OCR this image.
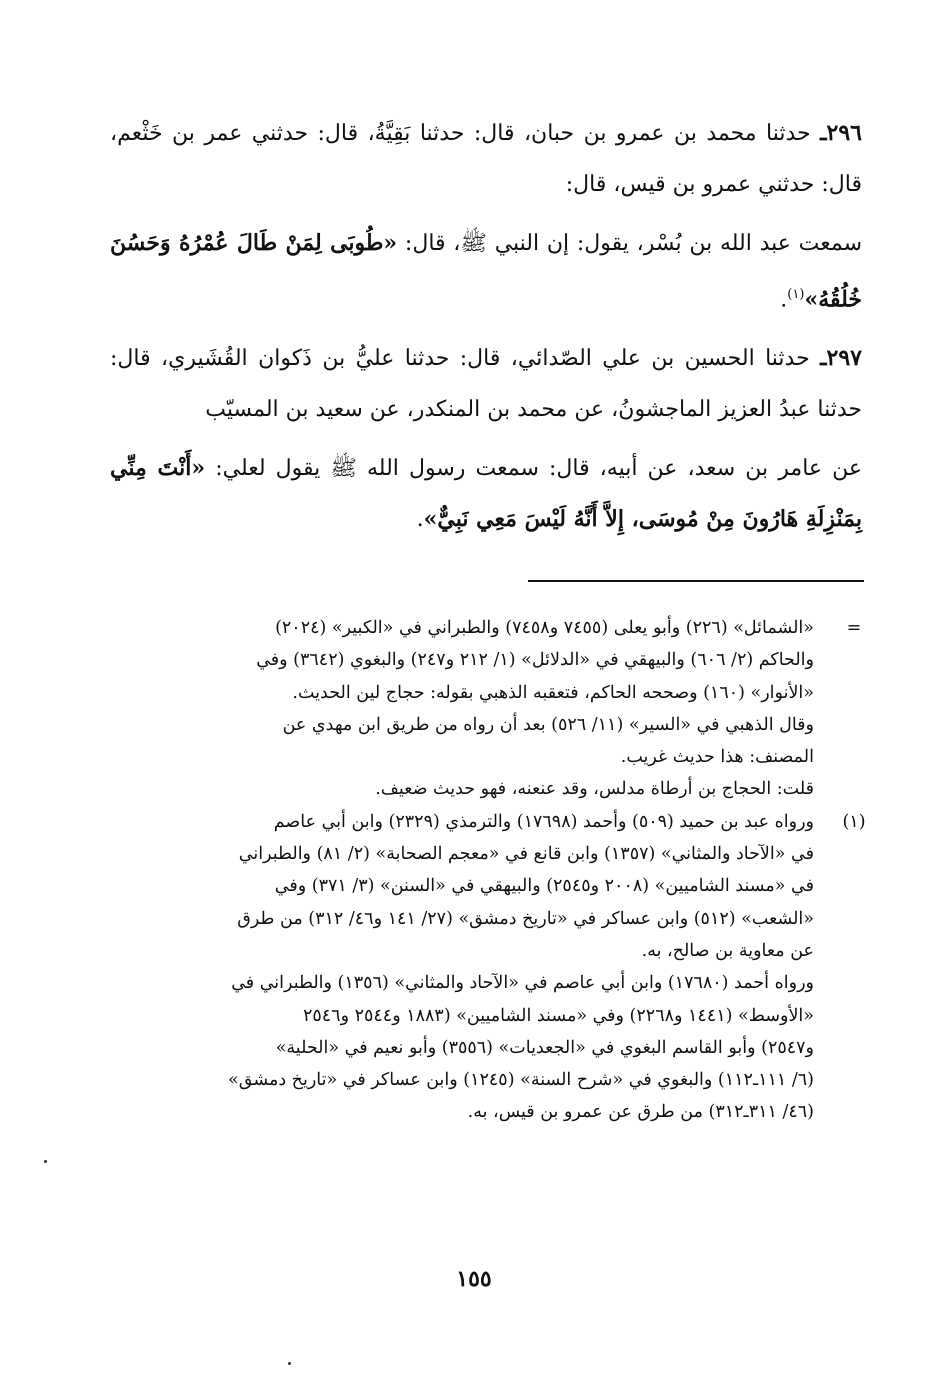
٢٩٦ـ حدثنا محمد بن عمرو بن حبان، قال: حدثنا بَقِيَّةُ، قال: حدثني عمر بن خَثْعم، قال: حدثني عمرو بن قيس، قال:

سمعت عبد الله بن بُسْر، يقول: إن النبي ﷺ، قال: «طُوبَى لِمَنْ طَالَ عُمْرُهُ وَحَسُنَ خُلُقُهُ»$^{(١)}$.

٢٩٧ـ حدثنا الحسين بن علي الصّدائي، قال: حدثنا عليُّ بن ذَكوان القُشَيري، قال: حدثنا عبدُ العزيز الماجشونُ، عن محمد بن المنكدر، عن سعيد بن المسيّب

عن عامر بن سعد، عن أبيه، قال: سمعت رسول الله ﷺ يقول لعلي: «أَنْتَ مِنِّي بِمَنْزِلَةِ هَارُونَ مِنْ مُوسَى، إِلاَّ أَنَّهُ لَيْسَ مَعِي نَبِيٌّ».

=
«الشمائل» (٢٢٦) وأبو يعلى (٧٤٥٥ و٧٤٥٨) والطبراني في «الكبير» (٢٠٢٤)
والحاكم (٢/ ٦٠٦) والبيهقي في «الدلائل» (١/ ٢١٢ و٢٤٧) والبغوي (٣٦٤٢) وفي
«الأنوار» (١٦٠) وصححه الحاكم، فتعقبه الذهبي بقوله: حجاج لين الحديث.
وقال الذهبي في «السير» (١١/ ٥٢٦) بعد أن رواه من طريق ابن مهدي عن
المصنف: هذا حديث غريب.
قلت: الحجاج بن أرطاة مدلس، وقد عنعنه، فهو حديث ضعيف.
(١)
ورواه عبد بن حميد (٥٠٩) وأحمد (١٧٦٩٨) والترمذي (٢٣٢٩) وابن أبي عاصم
في «الآحاد والمثاني» (١٣٥٧) وابن قانع في «معجم الصحابة» (٢/ ٨١) والطبراني
في «مسند الشاميين» (٢٠٠٨ و٢٥٤٥) والبيهقي في «السنن» (٣/ ٣٧١) وفي
«الشعب» (٥١٢) وابن عساكر في «تاريخ دمشق» (٢٧/ ١٤١ و٤٦/ ٣١٢) من طرق
عن معاوية بن صالح، به.
ورواه أحمد (١٧٦٨٠) وابن أبي عاصم في «الآحاد والمثاني» (١٣٥٦) والطبراني في
«الأوسط» (١٤٤١ و٢٢٦٨) وفي «مسند الشاميين» (١٨٨٣ و٢٥٤٤ و٢٥٤٦
و٢٥٤٧) وأبو القاسم البغوي في «الجعديات» (٣٥٥٦) وأبو نعيم في «الحلية»
(٦/ ١١١ـ١١٢) والبغوي في «شرح السنة» (١٢٤٥) وابن عساكر في «تاريخ دمشق»
(٤٦/ ٣١١ـ٣١٢) من طرق عن عمرو بن قيس، به.
١٥٥
